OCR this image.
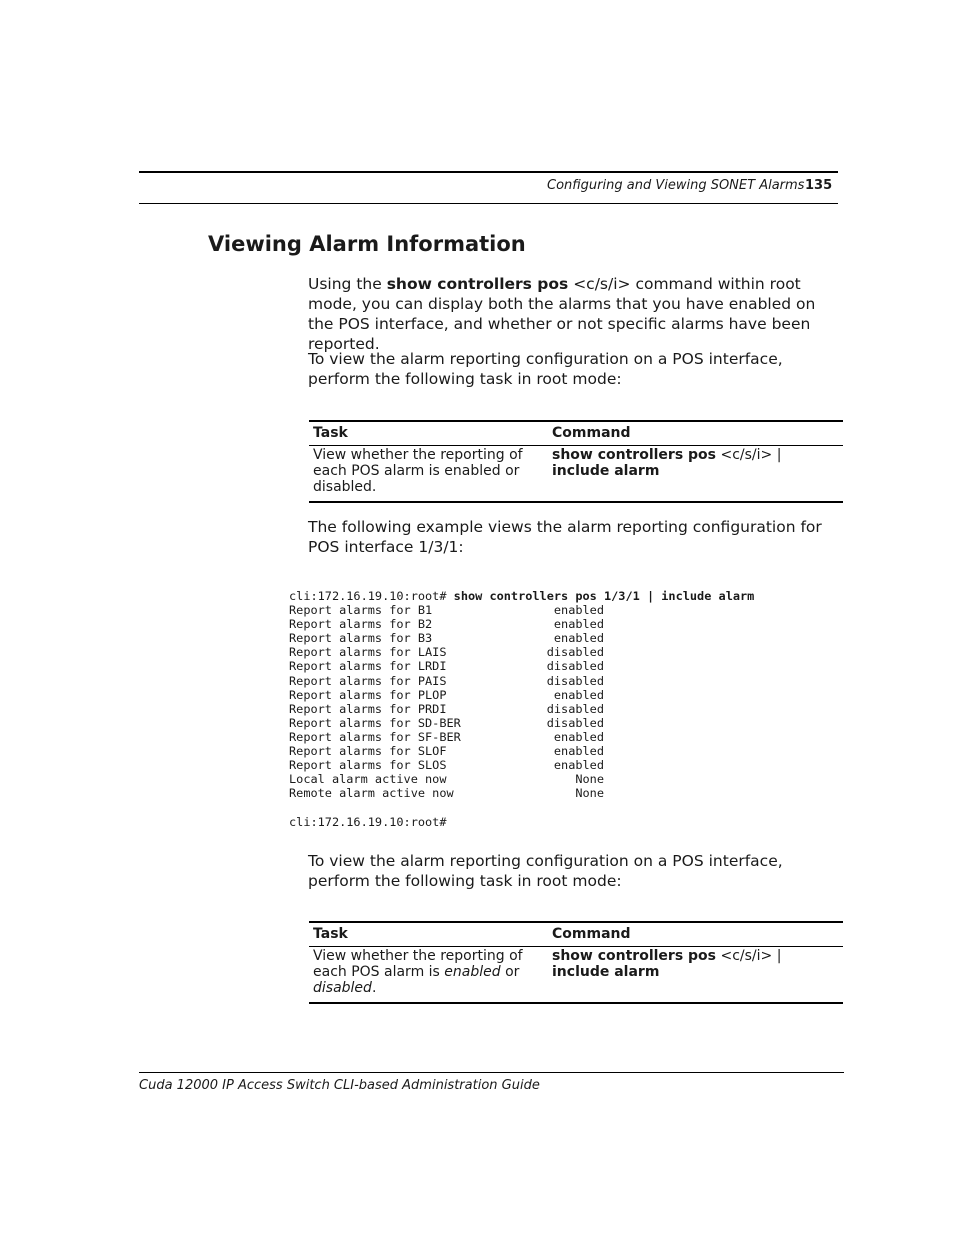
Configuring and Viewing SONET Alarms 135
Viewing Alarm Information

Using the show controllers pos <c/s/i> command within root mode, you can display both the alarms that you have enabled on the POS interface, and whether or not specific alarms have been reported.

To view the alarm reporting configuration on a POS interface, perform the following task in root mode:

Task	Command
View whether the reporting of each POS alarm is enabled or disabled.	show controllers pos <c/s/i> | include alarm

The following example views the alarm reporting configuration for POS interface 1/3/1:

cli:172.16.19.10:root# show controllers pos 1/3/1 | include alarm
Report alarms for B1                 enabled
Report alarms for B2                 enabled
Report alarms for B3                 enabled
Report alarms for LAIS              disabled
Report alarms for LRDI              disabled
Report alarms for PAIS              disabled
Report alarms for PLOP               enabled
Report alarms for PRDI              disabled
Report alarms for SD-BER            disabled
Report alarms for SF-BER             enabled
Report alarms for SLOF               enabled
Report alarms for SLOS               enabled
Local alarm active now                  None
Remote alarm active now                 None

cli:172.16.19.10:root#

To view the alarm reporting configuration on a POS interface, perform the following task in root mode:

Task	Command
View whether the reporting of each POS alarm is enabled or disabled.	show controllers pos <c/s/i> | include alarm
Cuda 12000 IP Access Switch CLI-based Administration Guide
